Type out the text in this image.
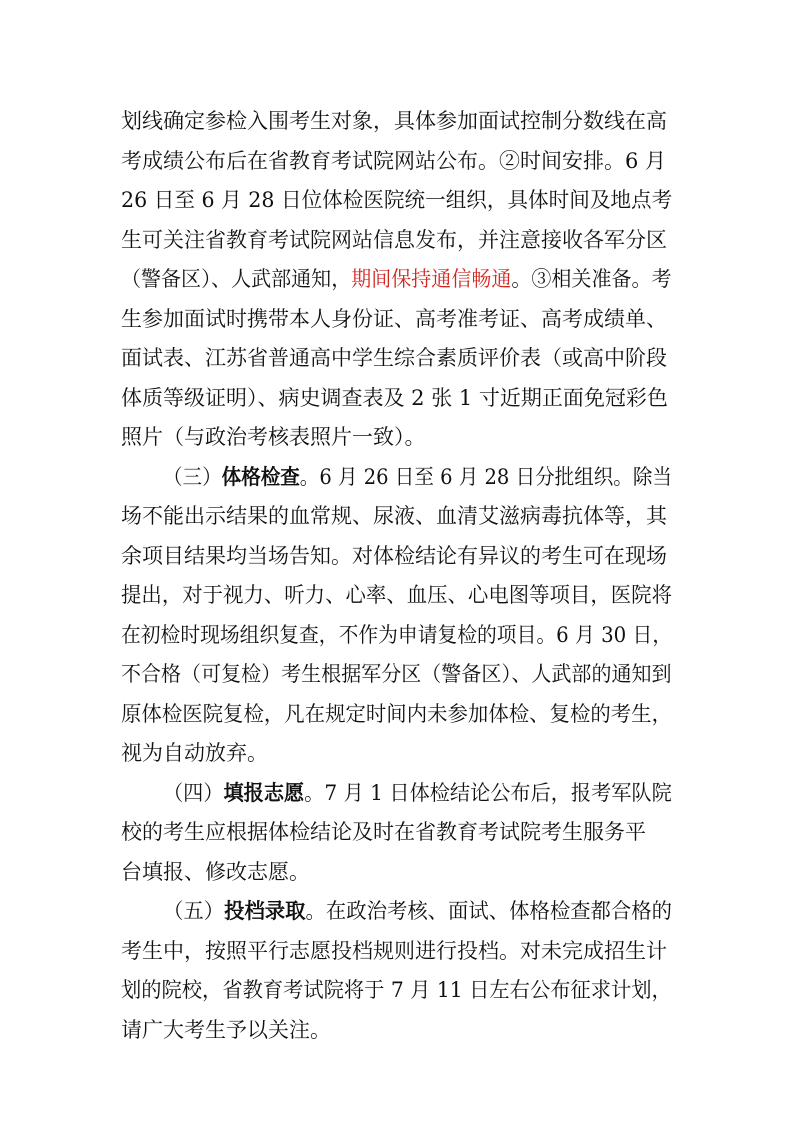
划线确定参检入围考生对象，具体参加面试控制分数线在高
考成绩公布后在省教育考试院网站公布。②时间安排。6 月
26 日至 6 月 28 日位体检医院统一组织，具体时间及地点考
生可关注省教育考试院网站信息发布，并注意接收各军分区
（警备区）、人武部通知，期间保持通信畅通。③相关准备。考
生参加面试时携带本人身份证、高考准考证、高考成绩单、
面试表、江苏省普通高中学生综合素质评价表（或高中阶段
体质等级证明）、病史调查表及 2 张 1 寸近期正面免冠彩色
照片（与政治考核表照片一致）。
（三）体格检查。6 月 26 日至 6 月 28 日分批组织。除当
场不能出示结果的血常规、尿液、血清艾滋病毒抗体等，其
余项目结果均当场告知。对体检结论有异议的考生可在现场
提出，对于视力、听力、心率、血压、心电图等项目，医院将
在初检时现场组织复查，不作为申请复检的项目。6 月 30 日，
不合格（可复检）考生根据军分区（警备区）、人武部的通知到
原体检医院复检，凡在规定时间内未参加体检、复检的考生，
视为自动放弃。
（四）填报志愿。7 月 1 日体检结论公布后，报考军队院
校的考生应根据体检结论及时在省教育考试院考生服务平
台填报、修改志愿。
（五）投档录取。在政治考核、面试、体格检查都合格的
考生中，按照平行志愿投档规则进行投档。对未完成招生计
划的院校，省教育考试院将于 7 月 11 日左右公布征求计划，
请广大考生予以关注。
